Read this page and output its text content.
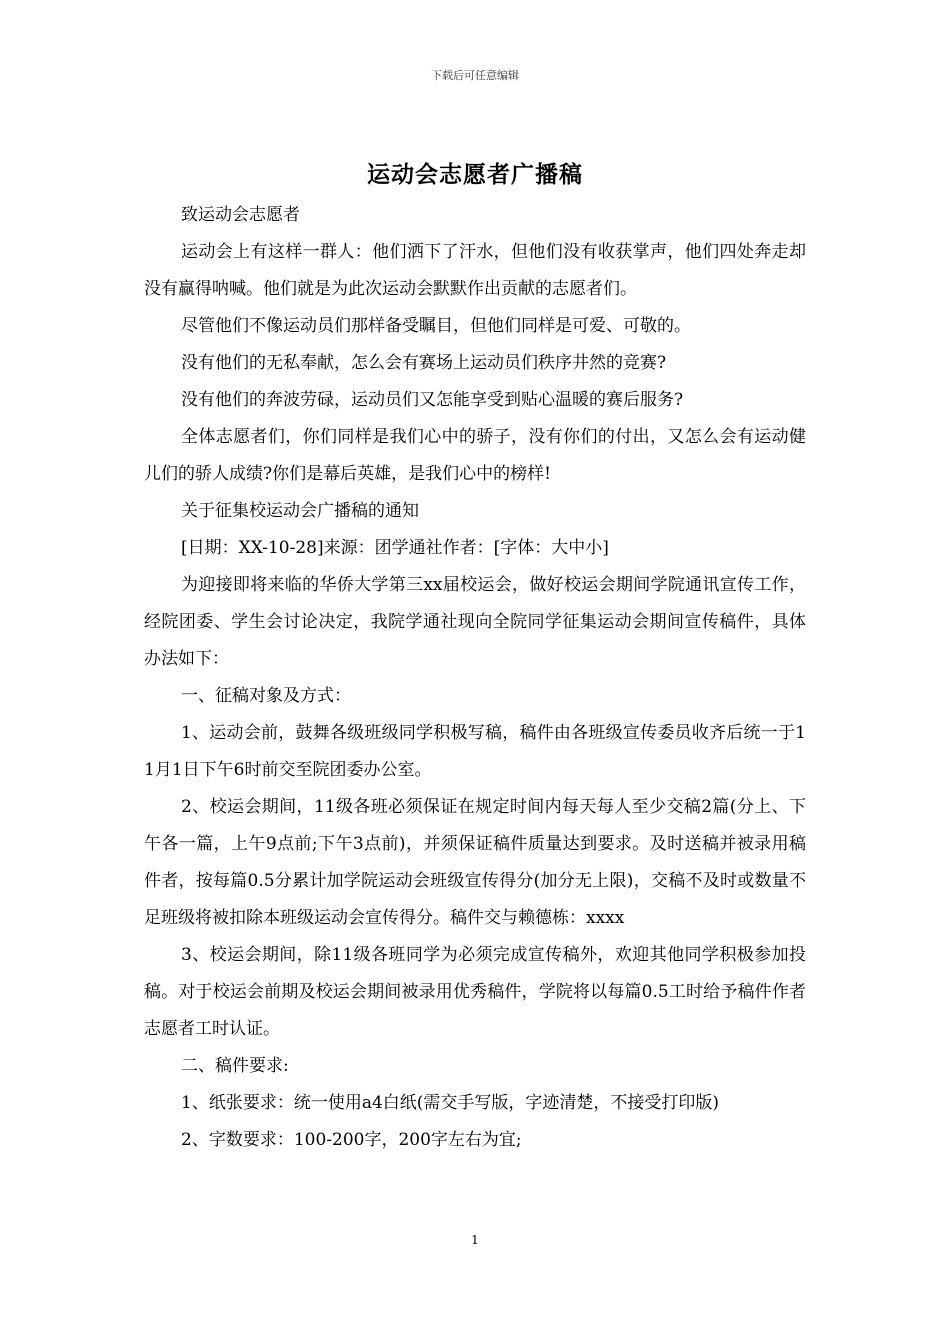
下载后可任意编辑
运动会志愿者广播稿

致运动会志愿者

运动会上有这样一群人：他们洒下了汗水，但他们没有收获掌声，他们四处奔走却没有赢得呐喊。他们就是为此次运动会默默作出贡献的志愿者们。

尽管他们不像运动员们那样备受瞩目，但他们同样是可爱、可敬的。

没有他们的无私奉献，怎么会有赛场上运动员们秩序井然的竞赛?

没有他们的奔波劳碌，运动员们又怎能享受到贴心温暖的赛后服务?

全体志愿者们，你们同样是我们心中的骄子，没有你们的付出，又怎么会有运动健儿们的骄人成绩?你们是幕后英雄，是我们心中的榜样!

关于征集校运动会广播稿的通知

[日期：XX-10-28]来源：团学通社作者：[字体：大中小]

为迎接即将来临的华侨大学第三xx届校运会，做好校运会期间学院通讯宣传工作，经院团委、学生会讨论决定，我院学通社现向全院同学征集运动会期间宣传稿件，具体办法如下：

一、征稿对象及方式：

1、运动会前，鼓舞各级班级同学积极写稿，稿件由各班级宣传委员收齐后统一于11月1日下午6时前交至院团委办公室。

2、校运会期间，11级各班必须保证在规定时间内每天每人至少交稿2篇(分上、下午各一篇，上午9点前;下午3点前)，并须保证稿件质量达到要求。及时送稿并被录用稿件者，按每篇0.5分累计加学院运动会班级宣传得分(加分无上限)，交稿不及时或数量不足班级将被扣除本班级运动会宣传得分。稿件交与赖德栋：xxxx

3、校运会期间，除11级各班同学为必须完成宣传稿外，欢迎其他同学积极参加投稿。对于校运会前期及校运会期间被录用优秀稿件，学院将以每篇0.5工时给予稿件作者志愿者工时认证。

二、稿件要求:

1、纸张要求：统一使用a4白纸(需交手写版，字迹清楚，不接受打印版)

2、字数要求：100-200字，200字左右为宜;

1
